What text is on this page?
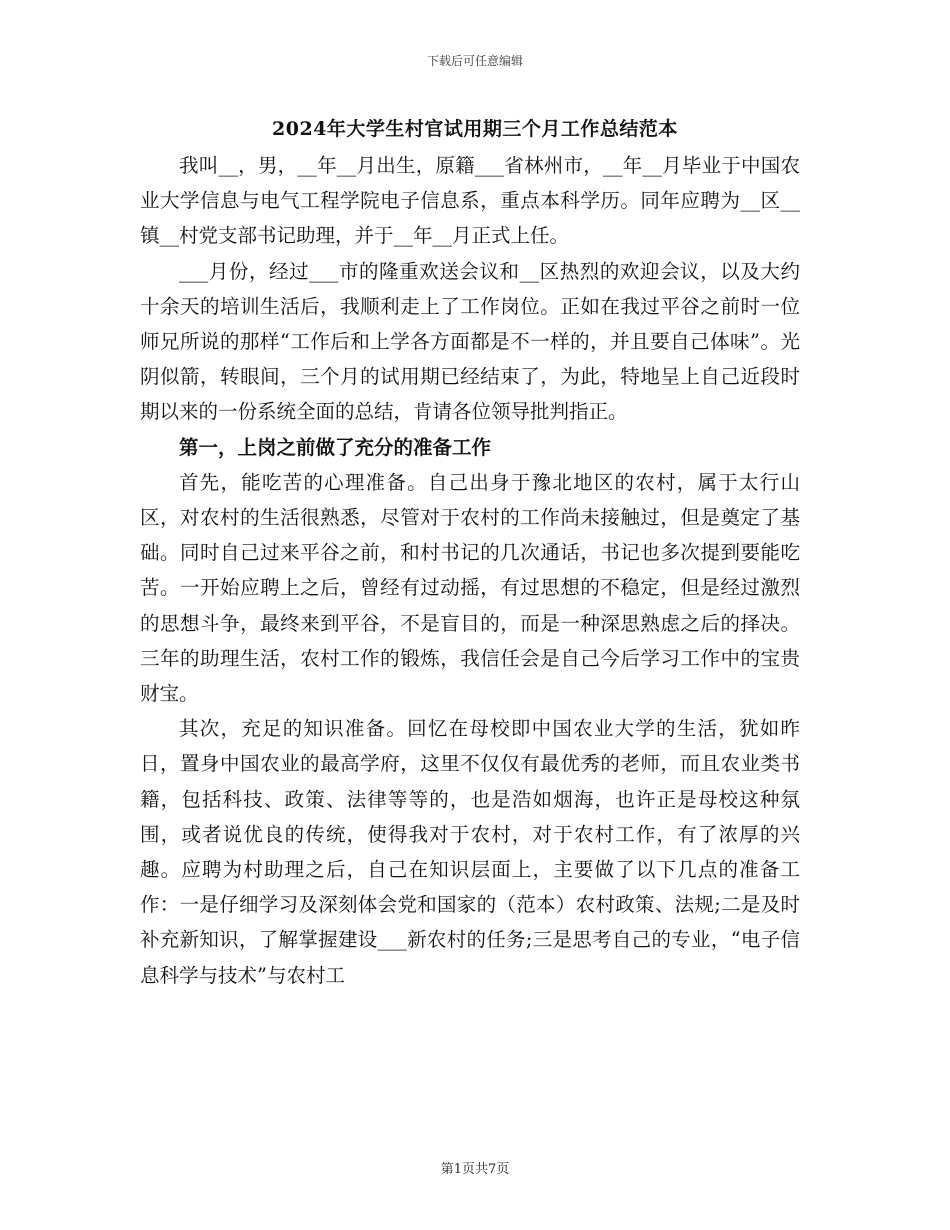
下载后可任意编辑
2024年大学生村官试用期三个月工作总结范本

我叫__，男，__年__月出生，原籍___省林州市，__年__月毕业于中国农业大学信息与电气工程学院电子信息系，重点本科学历。同年应聘为__区__镇__村党支部书记助理，并于__年__月正式上任。

___月份，经过___市的隆重欢送会议和__区热烈的欢迎会议，以及大约十余天的培训生活后，我顺利走上了工作岗位。正如在我过平谷之前时一位师兄所说的那样“工作后和上学各方面都是不一样的，并且要自己体味”。光阴似箭，转眼间，三个月的试用期已经结束了，为此，特地呈上自己近段时期以来的一份系统全面的总结，肯请各位领导批判指正。

第一，上岗之前做了充分的准备工作

首先，能吃苦的心理准备。自己出身于豫北地区的农村，属于太行山区，对农村的生活很熟悉，尽管对于农村的工作尚未接触过，但是奠定了基础。同时自己过来平谷之前，和村书记的几次通话，书记也多次提到要能吃苦。一开始应聘上之后，曾经有过动摇，有过思想的不稳定，但是经过激烈的思想斗争，最终来到平谷，不是盲目的，而是一种深思熟虑之后的择决。三年的助理生活，农村工作的锻炼，我信任会是自己今后学习工作中的宝贵财宝。

其次，充足的知识准备。回忆在母校即中国农业大学的生活，犹如昨日，置身中国农业的最高学府，这里不仅仅有最优秀的老师，而且农业类书籍，包括科技、政策、法律等等的，也是浩如烟海，也许正是母校这种氛围，或者说优良的传统，使得我对于农村，对于农村工作，有了浓厚的兴趣。应聘为村助理之后，自己在知识层面上，主要做了以下几点的准备工作：一是仔细学习及深刻体会党和国家的（范本）农村政策、法规;二是及时补充新知识，了解掌握建设___新农村的任务;三是思考自己的专业，“电子信息科学与技术”与农村工

第1页共7页
